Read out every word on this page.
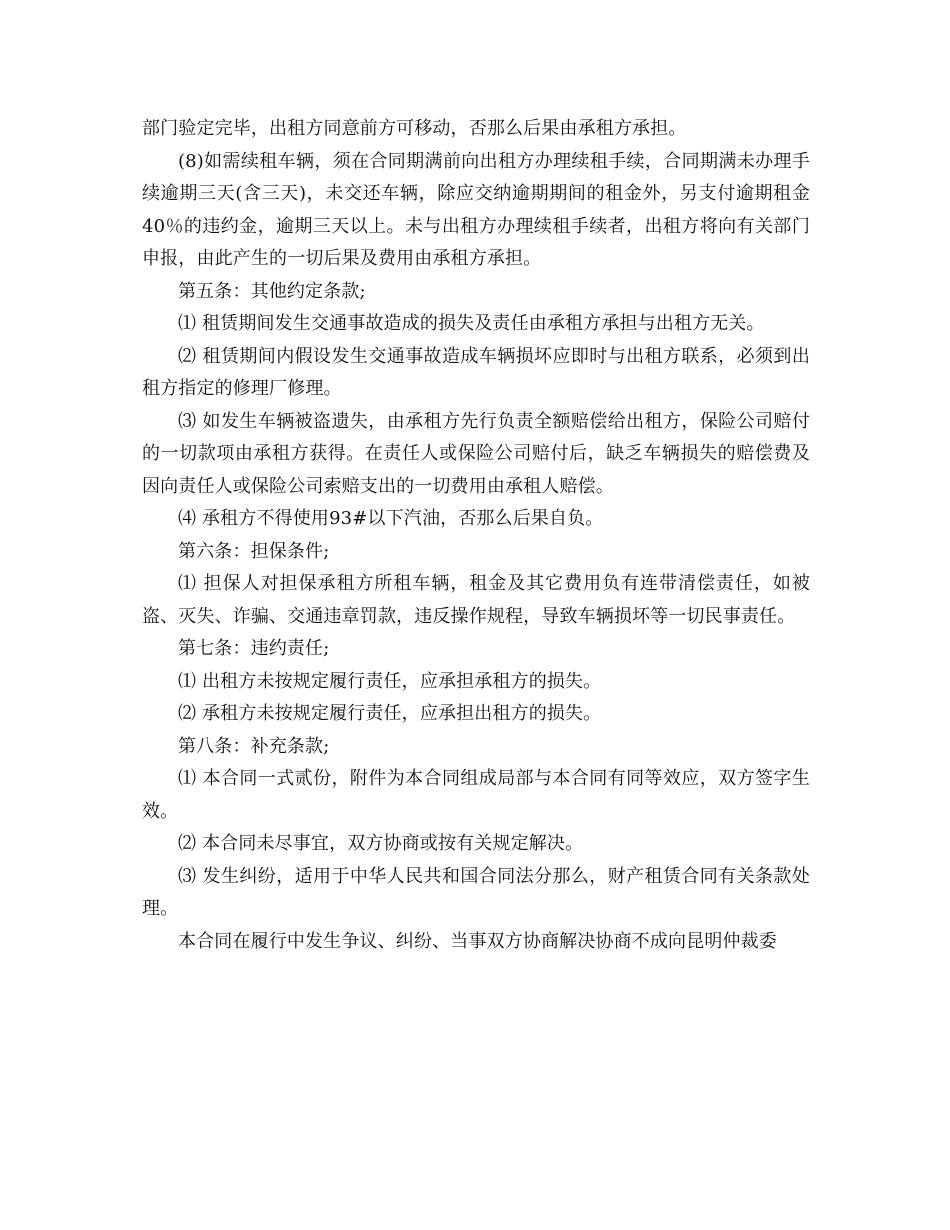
部门验定完毕，出租方同意前方可移动，否那么后果由承租方承担。

(8)如需续租车辆，须在合同期满前向出租方办理续租手续，合同期满未办理手续逾期三天(含三天)，未交还车辆，除应交纳逾期期间的租金外，另支付逾期租金40％的违约金，逾期三天以上。未与出租方办理续租手续者，出租方将向有关部门申报，由此产生的一切后果及费用由承租方承担。

第五条：其他约定条款;

⑴ 租赁期间发生交通事故造成的损失及责任由承租方承担与出租方无关。

⑵ 租赁期间内假设发生交通事故造成车辆损坏应即时与出租方联系，必须到出租方指定的修理厂修理。

⑶ 如发生车辆被盗遗失，由承租方先行负责全额赔偿给出租方，保险公司赔付的一切款项由承租方获得。在责任人或保险公司赔付后，缺乏车辆损失的赔偿费及因向责任人或保险公司索赔支出的一切费用由承租人赔偿。

⑷ 承租方不得使用93#以下汽油，否那么后果自负。

第六条：担保条件;

⑴ 担保人对担保承租方所租车辆，租金及其它费用负有连带清偿责任，如被盗、灭失、诈骗、交通违章罚款，违反操作规程，导致车辆损坏等一切民事责任。

第七条：违约责任;

⑴ 出租方未按规定履行责任，应承担承租方的损失。

⑵ 承租方未按规定履行责任，应承担出租方的损失。

第八条：补充条款;

⑴ 本合同一式贰份，附件为本合同组成局部与本合同有同等效应，双方签字生效。

⑵ 本合同未尽事宜，双方协商或按有关规定解决。

⑶ 发生纠纷，适用于中华人民共和国合同法分那么，财产租赁合同有关条款处理。

本合同在履行中发生争议、纠纷、当事双方协商解决协商不成向昆明仲裁委
